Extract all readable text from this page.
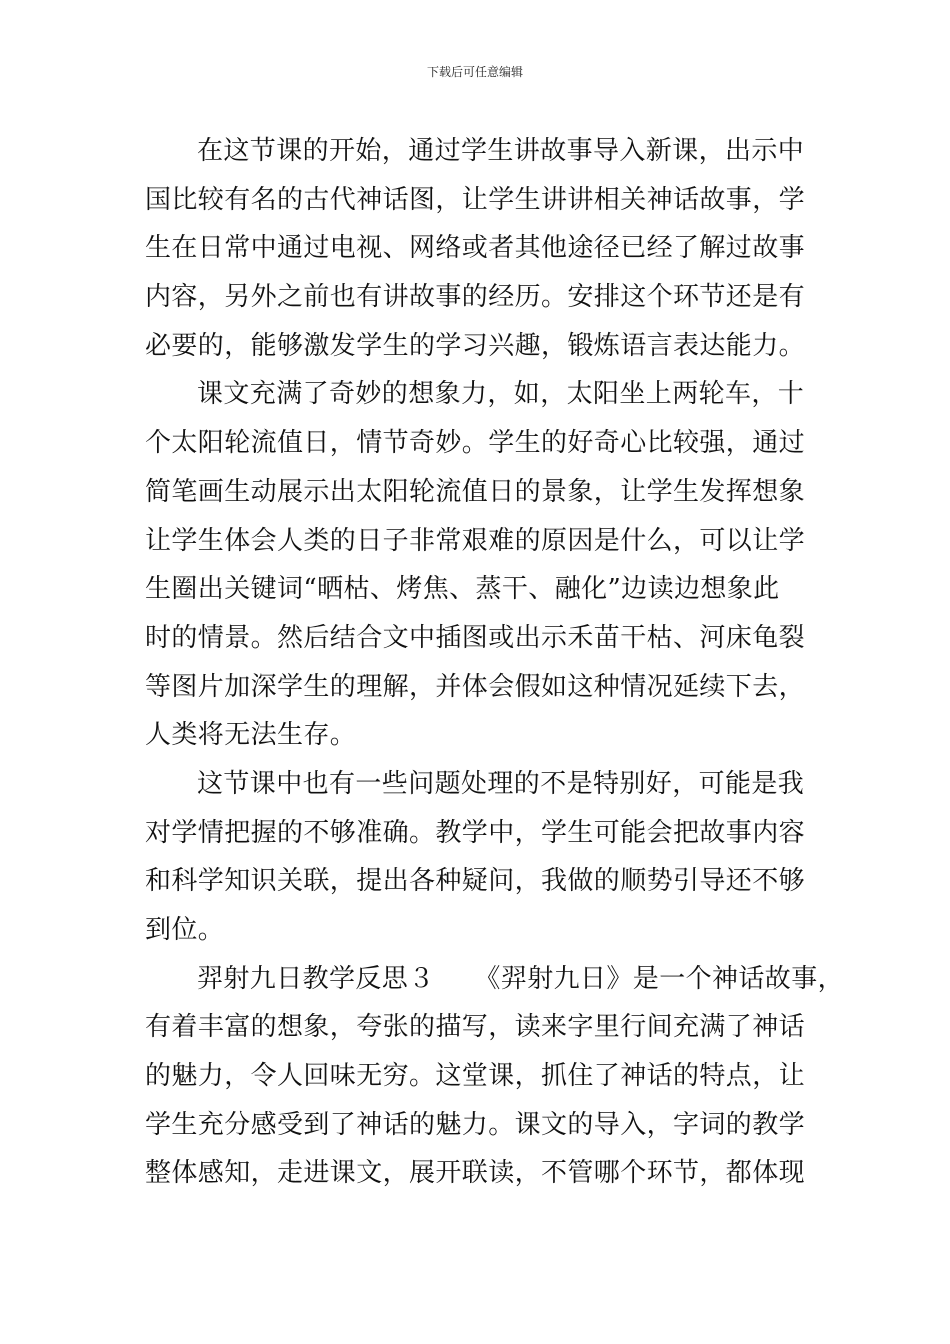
下载后可任意编辑
在这节课的开始，通过学生讲故事导入新课，出示中
国比较有名的古代神话图，让学生讲讲相关神话故事，学
生在日常中通过电视、网络或者其他途径已经了解过故事
内容，另外之前也有讲故事的经历。安排这个环节还是有
必要的，能够激发学生的学习兴趣，锻炼语言表达能力。
课文充满了奇妙的想象力，如，太阳坐上两轮车，十
个太阳轮流值日，情节奇妙。学生的好奇心比较强，通过
简笔画生动展示出太阳轮流值日的景象，让学生发挥想象
让学生体会人类的日子非常艰难的原因是什么，可以让学
生圈出关键词“晒枯、烤焦、蒸干、融化”边读边想象此
时的情景。然后结合文中插图或出示禾苗干枯、河床龟裂
等图片加深学生的理解，并体会假如这种情况延续下去，
人类将无法生存。
这节课中也有一些问题处理的不是特别好，可能是我
对学情把握的不够准确。教学中，学生可能会把故事内容
和科学知识关联，提出各种疑问，我做的顺势引导还不够
到位。
羿射九日教学反思３　　《羿射九日》是一个神话故事，
有着丰富的想象，夸张的描写，读来字里行间充满了神话
的魅力，令人回味无穷。这堂课，抓住了神话的特点，让
学生充分感受到了神话的魅力。课文的导入，字词的教学
整体感知，走进课文，展开联读，不管哪个环节，都体现
